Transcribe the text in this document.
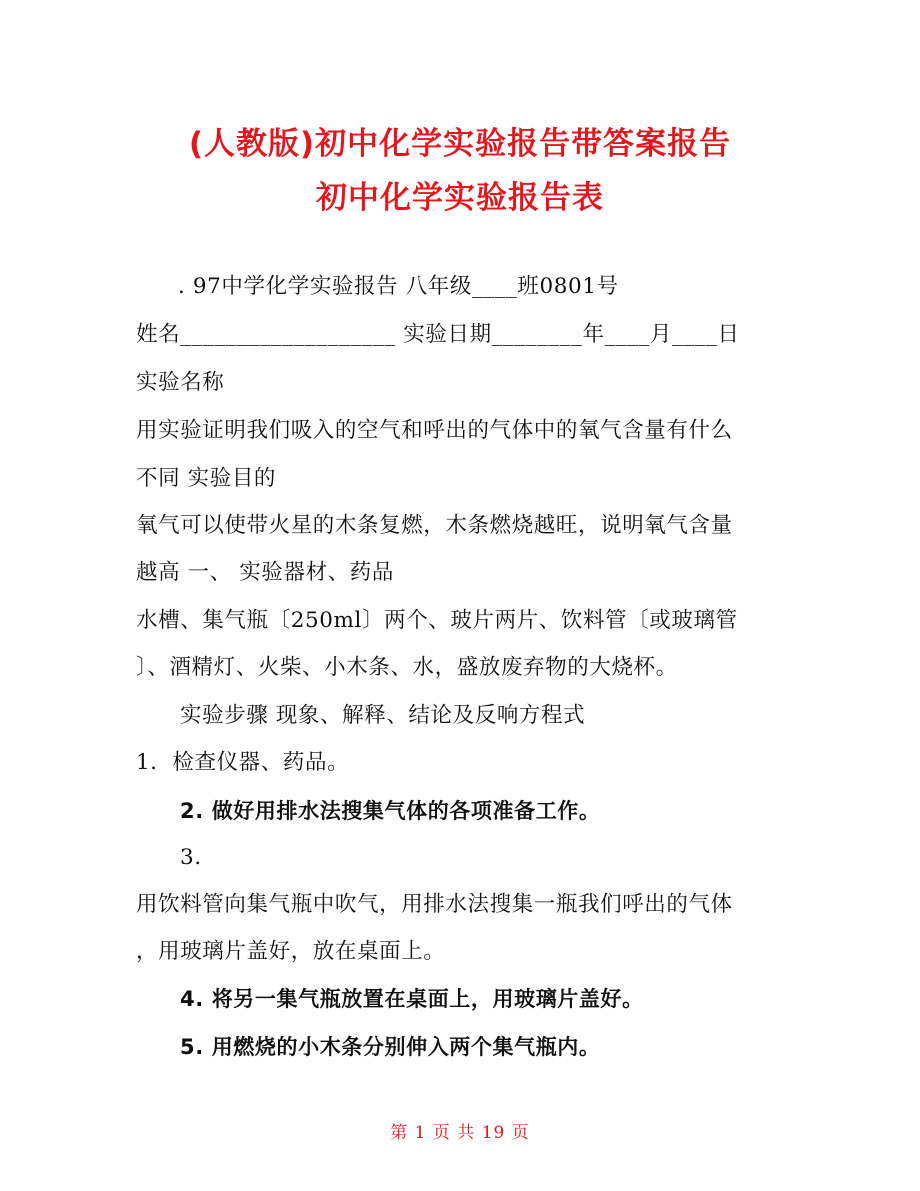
(人教版)初中化学实验报告带答案报告
初中化学实验报告表
. 97中学化学实验报告 八年级____班0801号
姓名___________________ 实验日期________年____月____日
实验名称
用实验证明我们吸入的空气和呼出的气体中的氧气含量有什么
不同 实验目的
氧气可以使带火星的木条复燃，木条燃烧越旺，说明氧气含量
越高 一、 实验器材、药品
水槽、集气瓶〔250ml〕两个、玻片两片、饮料管〔或玻璃管
〕、酒精灯、火柴、小木条、水，盛放废弃物的大烧杯。
实验步骤 现象、解释、结论及反响方程式
1．检查仪器、药品。
2. 做好用排水法搜集气体的各项准备工作。
3.
用饮料管向集气瓶中吹气，用排水法搜集一瓶我们呼出的气体
，用玻璃片盖好，放在桌面上。
4. 将另一集气瓶放置在桌面上，用玻璃片盖好。
5. 用燃烧的小木条分别伸入两个集气瓶内。
第 1 页 共 19 页
